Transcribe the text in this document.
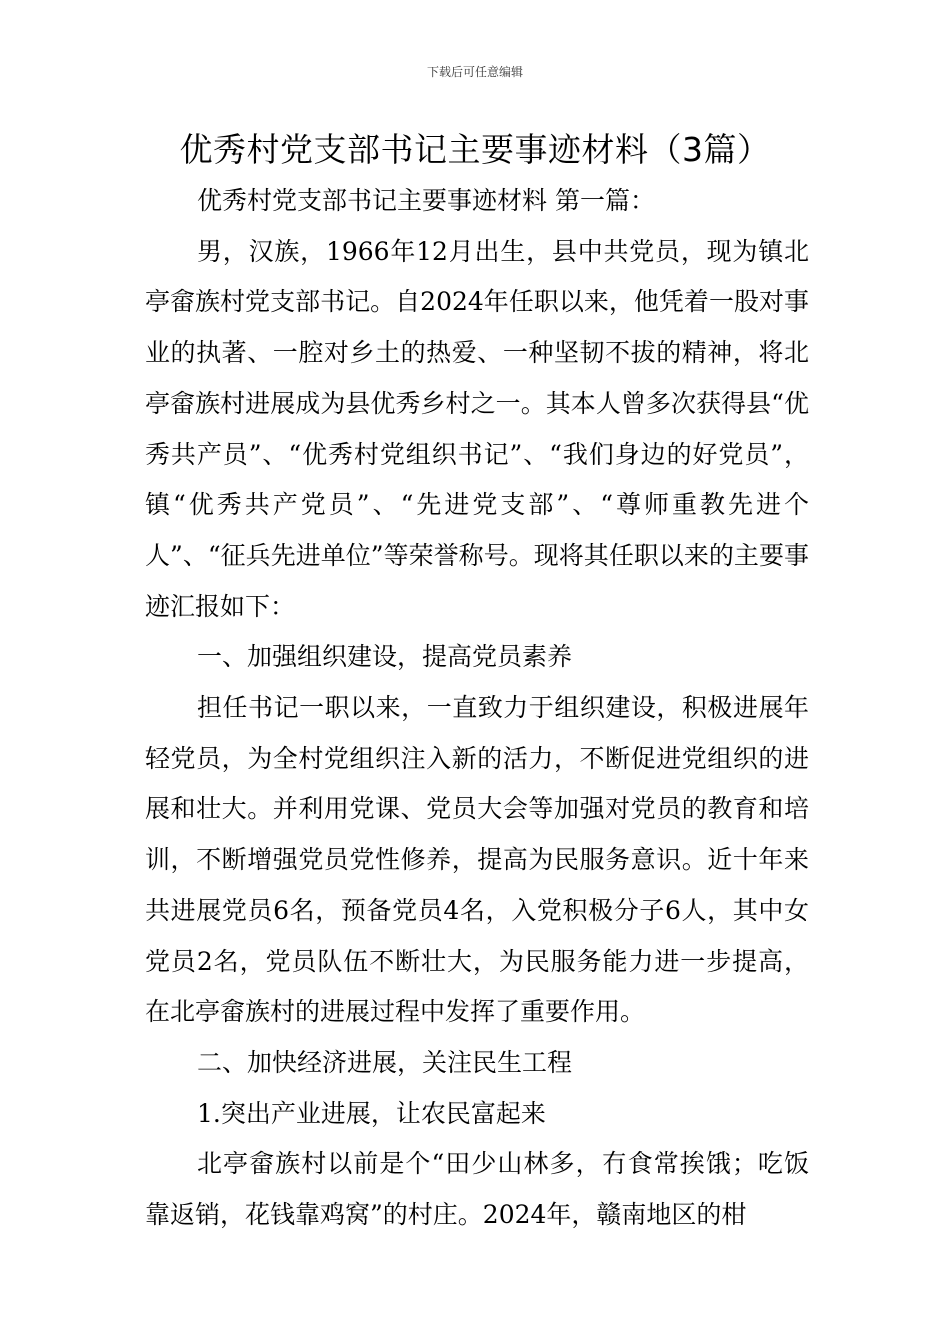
下载后可任意编辑
优秀村党支部书记主要事迹材料（3篇）

优秀村党支部书记主要事迹材料 第一篇：

男，汉族，1966年12月出生，县中共党员，现为镇北亭畲族村党支部书记。自2024年任职以来，他凭着一股对事业的执著、一腔对乡土的热爱、一种坚韧不拔的精神，将北亭畲族村进展成为县优秀乡村之一。其本人曾多次获得县“优秀共产员”、“优秀村党组织书记”、“我们身边的好党员”，镇“优秀共产党员”、“先进党支部”、“尊师重教先进个人”、“征兵先进单位”等荣誉称号。现将其任职以来的主要事迹汇报如下：

一、加强组织建设，提高党员素养

担任书记一职以来，一直致力于组织建设，积极进展年轻党员，为全村党组织注入新的活力，不断促进党组织的进展和壮大。并利用党课、党员大会等加强对党员的教育和培训，不断增强党员党性修养，提高为民服务意识。近十年来共进展党员6名，预备党员4名，入党积极分子6人，其中女党员2名，党员队伍不断壮大，为民服务能力进一步提高，在北亭畲族村的进展过程中发挥了重要作用。

二、加快经济进展，关注民生工程

1.突出产业进展，让农民富起来

北亭畲族村以前是个“田少山林多，冇食常挨饿；吃饭靠返销，花钱靠鸡窝”的村庄。2024年，赣南地区的柑
